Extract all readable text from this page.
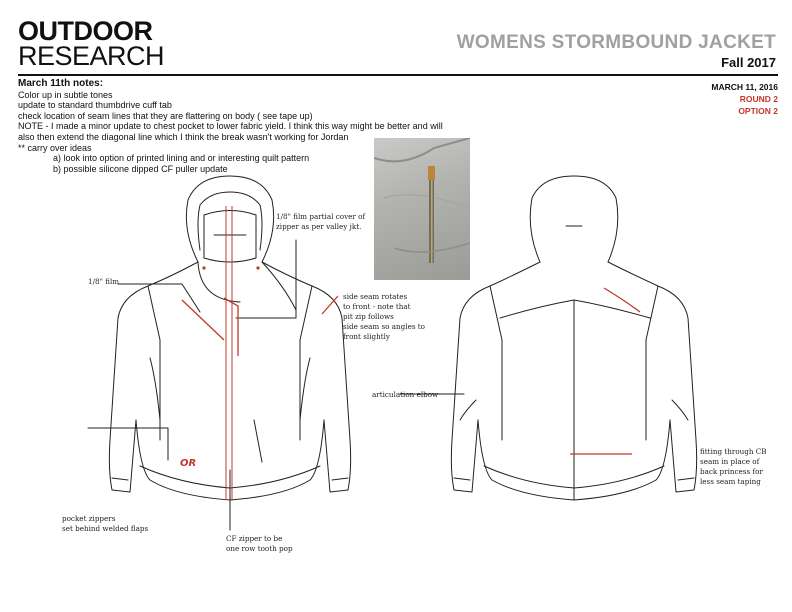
OUTDOOR
RESEARCH	WOMENS STORMBOUND JACKET
Fall 2017
MARCH 11, 2016
ROUND 2
OPTION 2
March 11th notes:
Color up in subtle tones
update to standard thumbdrive cuff tab
check location of seam lines that they are flattering on body ( see tape up)
NOTE - I made a minor update to chest pocket to lower fabric yield. I think this way might be better and will
also then extend the diagonal line which I think the break wasn't working for Jordan
** carry over ideas
a) look into option of printed lining and or interesting quilt pattern
b) possible silicone dipped CF puller update
OR
1/8" film partial cover of
zipper as per valley jkt.
1/8" film
side seam rotates
to front - note that
pit zip follows
side seam so angles to
front slightly
articulation elbow
fitting through CB
seam in place of
back princess for
less seam taping
pocket zippers
set behind welded flaps
CF zipper to be
one row tooth pop
